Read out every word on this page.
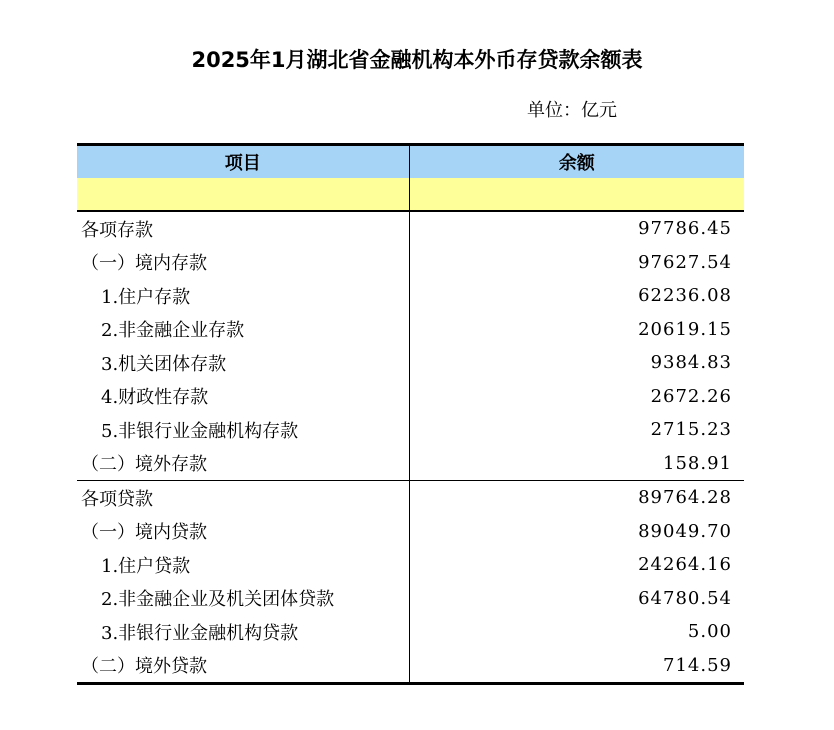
2025年1月湖北省金融机构本外币存贷款余额表
单位：亿元
项目	余额

各项存款	97786.45
（一）境内存款	97627.54
1.住户存款	62236.08
2.非金融企业存款	20619.15
3.机关团体存款	9384.83
4.财政性存款	2672.26
5.非银行业金融机构存款	2715.23
（二）境外存款	158.91
各项贷款	89764.28
（一）境内贷款	89049.70
1.住户贷款	24264.16
2.非金融企业及机关团体贷款	64780.54
3.非银行业金融机构贷款	5.00
（二）境外贷款	714.59
